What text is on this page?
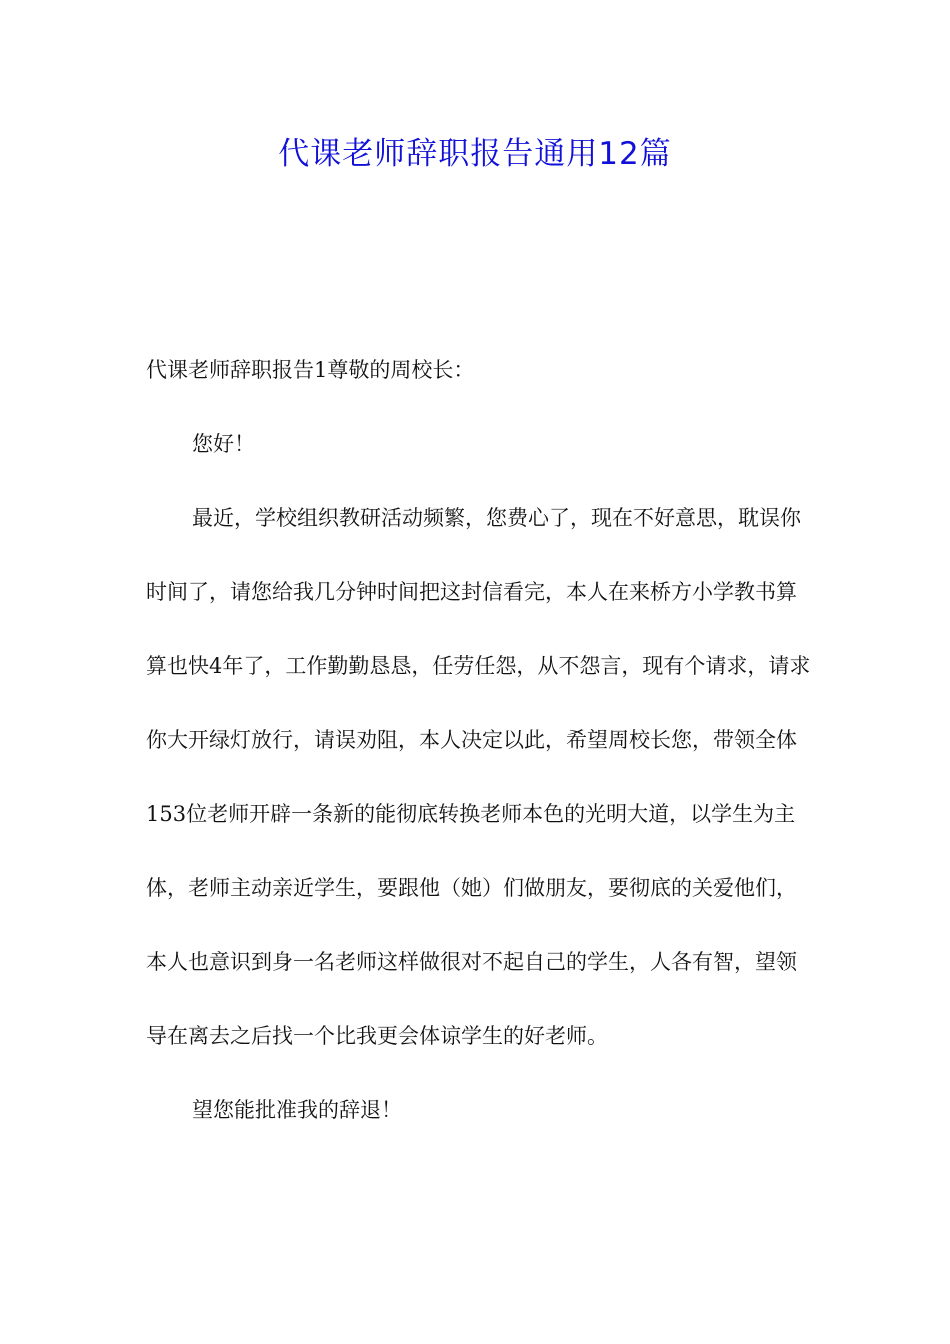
代课老师辞职报告通用12篇

代课老师辞职报告1尊敬的周校长：

您好！

最近，学校组织教研活动频繁，您费心了，现在不好意思，耽误你时间了，请您给我几分钟时间把这封信看完，本人在来桥方小学教书算算也快4年了，工作勤勤恳恳，任劳任怨，从不怨言，现有个请求，请求你大开绿灯放行，请误劝阻，本人决定以此，希望周校长您，带领全体153位老师开辟一条新的能彻底转换老师本色的光明大道，以学生为主体，老师主动亲近学生，要跟他（她）们做朋友，要彻底的关爱他们，本人也意识到身一名老师这样做很对不起自己的学生，人各有智，望领导在离去之后找一个比我更会体谅学生的好老师。

望您能批准我的辞退！
